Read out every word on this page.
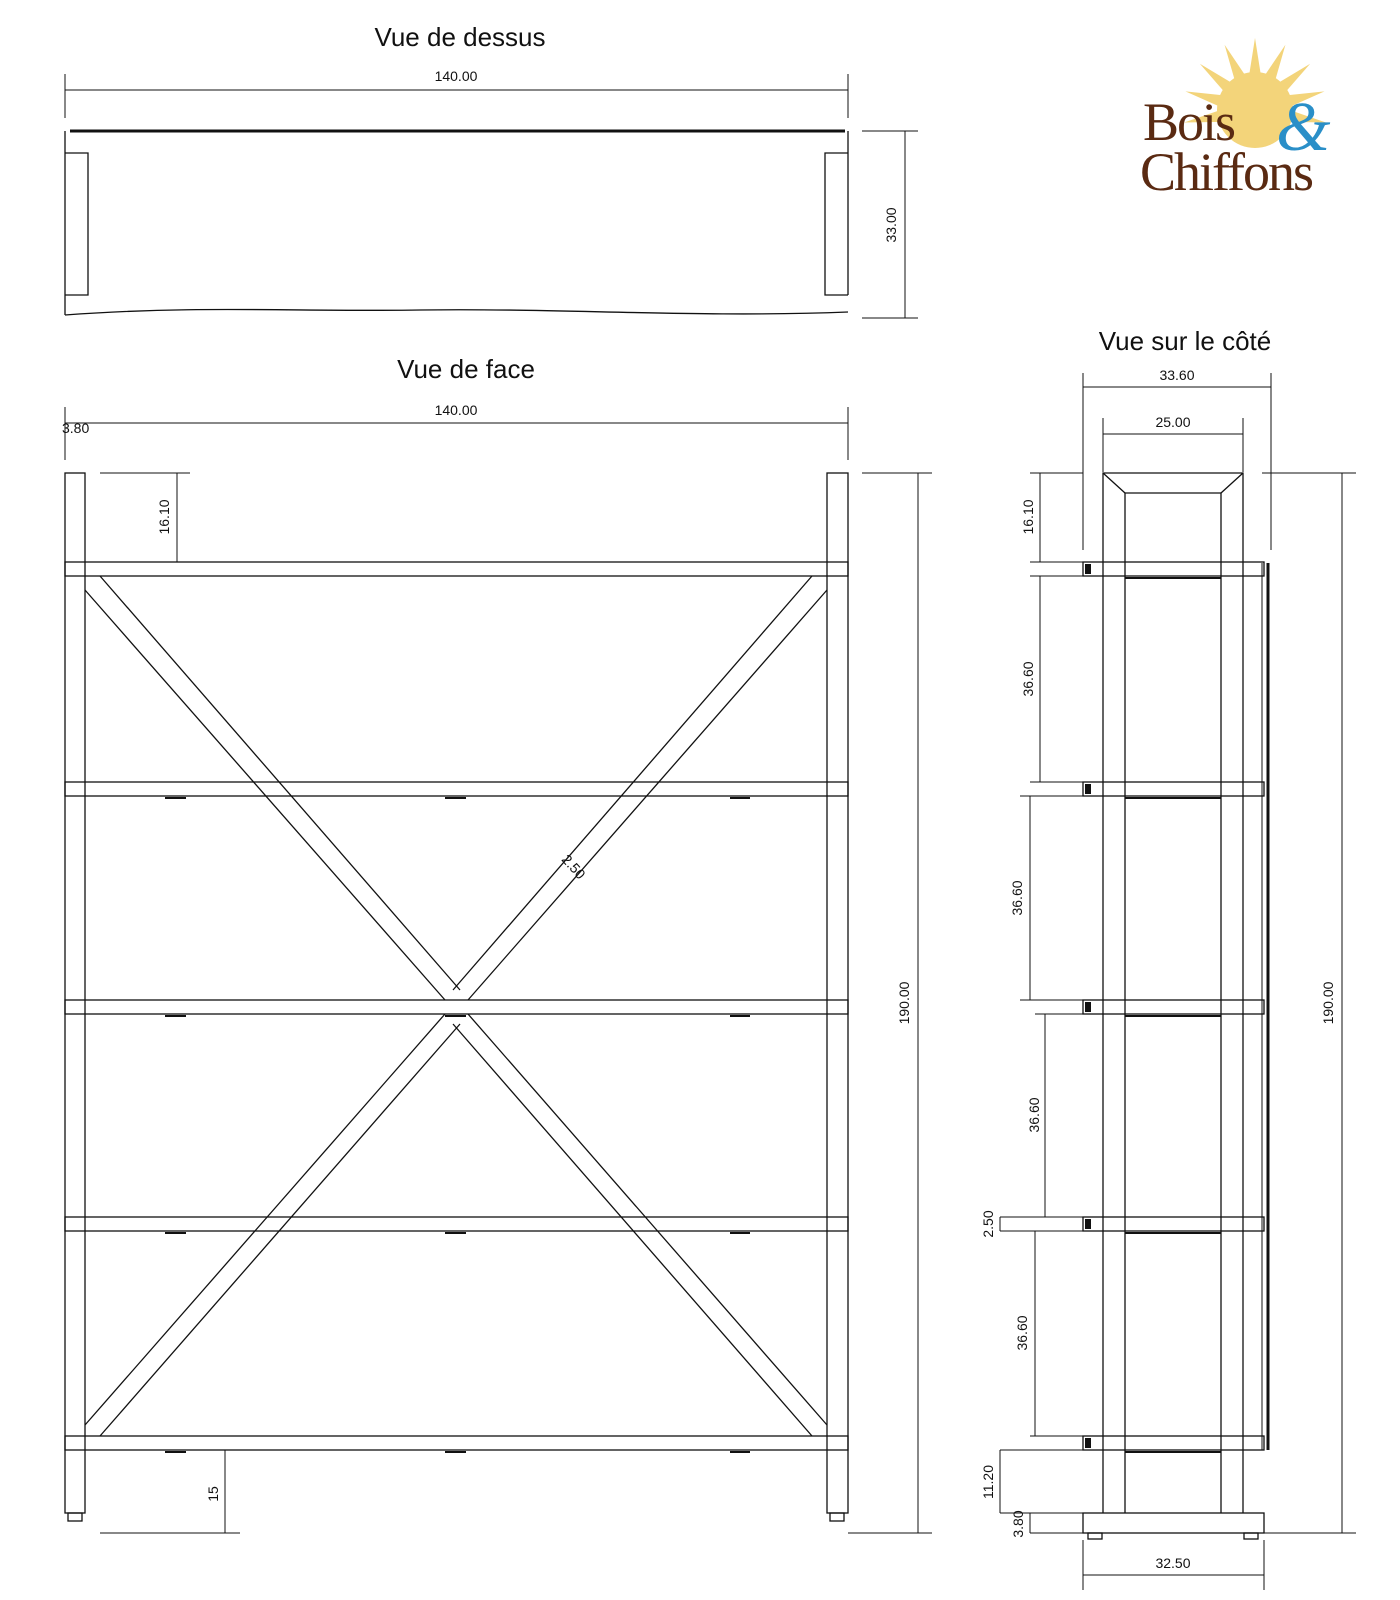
Bois &
Chiffons
Vue de dessus
140.00
33.00
Vue de face
140.00
3.80
2.50
16.10
15
190.00
Vue sur le côté
33.60
25.00
190.00
16.10
36.60
36.60
36.60
2.50
36.60
11.20
3.80
32.50
